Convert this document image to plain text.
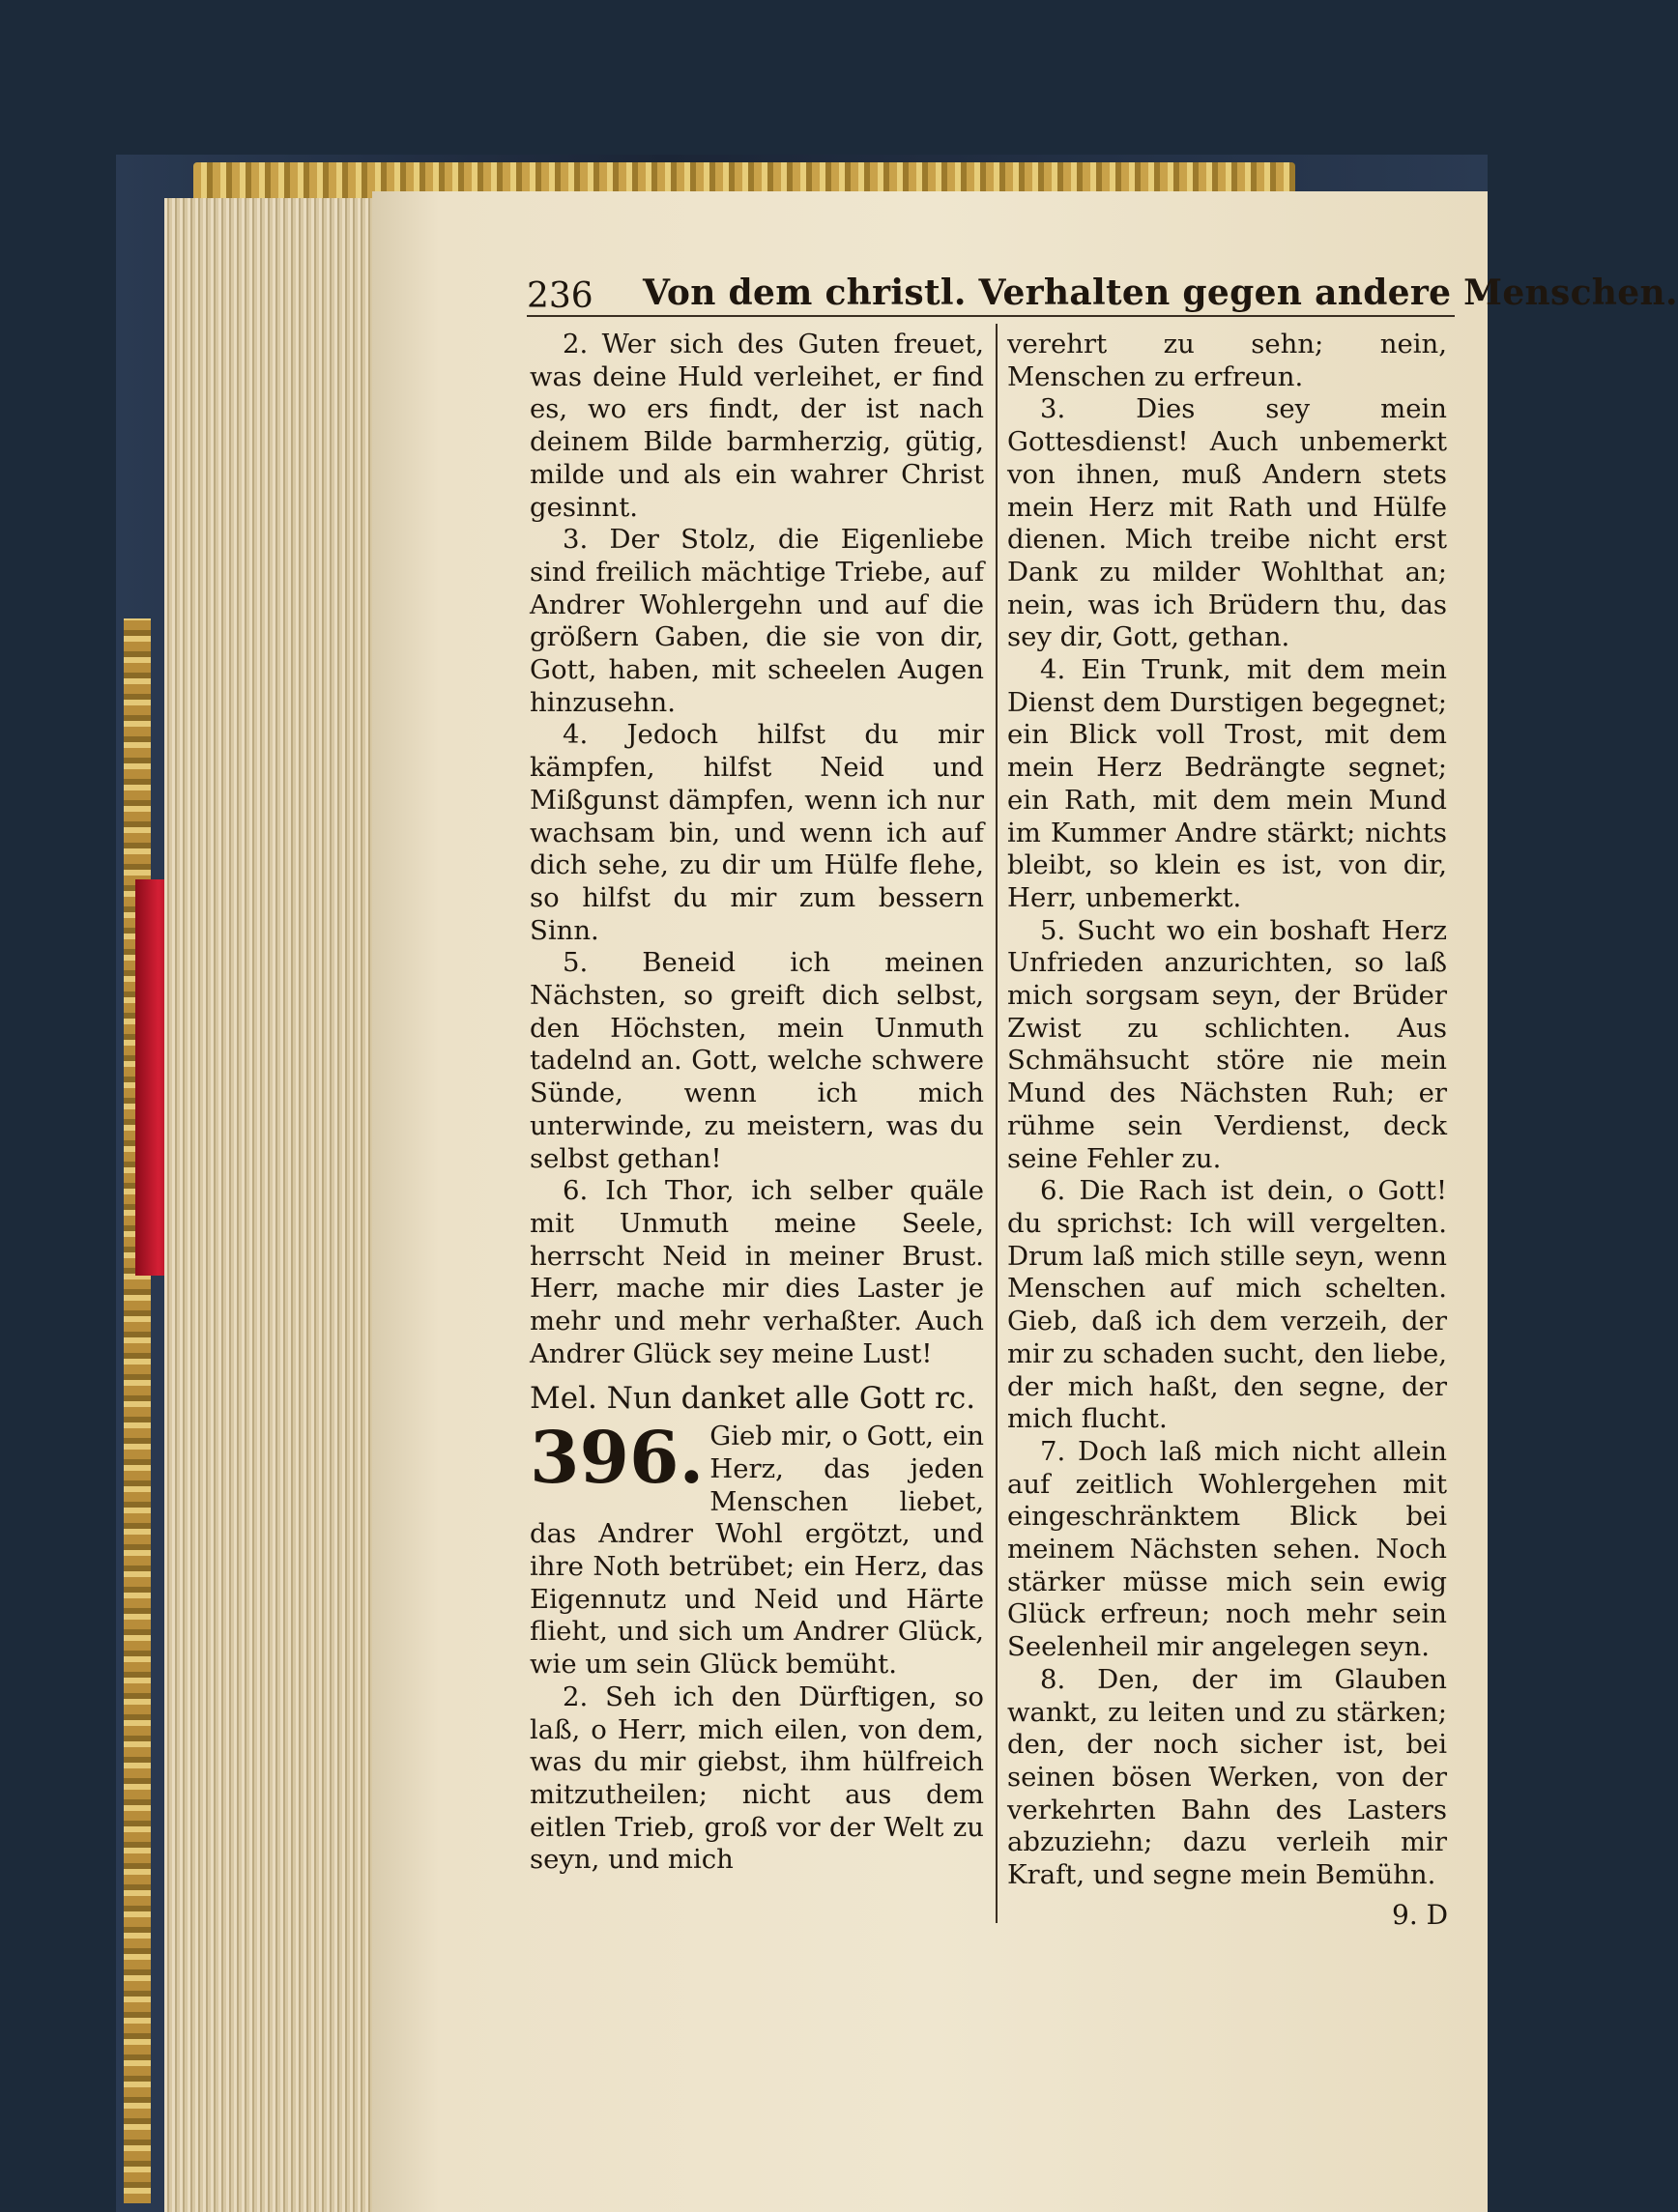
236 Von dem christl. Verhalten gegen andere Menschen.

2. Wer sich des Guten freuet, was deine Huld verleihet, er find es, wo ers findt, der ist nach deinem Bilde barmherzig, gütig, milde und als ein wahrer Christ gesinnt.

3. Der Stolz, die Eigenliebe sind freilich mächtige Triebe, auf Andrer Wohlergehn und auf die größern Gaben, die sie von dir, Gott, haben, mit scheelen Augen hinzusehn.

4. Jedoch hilfst du mir kämpfen, hilfst Neid und Mißgunst dämpfen, wenn ich nur wachsam bin, und wenn ich auf dich sehe, zu dir um Hülfe flehe, so hilfst du mir zum bessern Sinn.

5. Beneid ich meinen Nächsten, so greift dich selbst, den Höchsten, mein Unmuth tadelnd an. Gott, welche schwere Sünde, wenn ich mich unterwinde, zu meistern, was du selbst gethan!

6. Ich Thor, ich selber quäle mit Unmuth meine Seele, herrscht Neid in meiner Brust. Herr, mache mir dies Laster je mehr und mehr verhaßter. Auch Andrer Glück sey meine Lust!

Mel. Nun danket alle Gott rc.

396. Gieb mir, o Gott, ein Herz, das jeden Menschen liebet, das Andrer Wohl ergötzt, und ihre Noth betrübet; ein Herz, das Eigennutz und Neid und Härte flieht, und sich um Andrer Glück, wie um sein Glück bemüht.

2. Seh ich den Dürftigen, so laß, o Herr, mich eilen, von dem, was du mir giebst, ihm hülfreich mitzutheilen; nicht aus dem eitlen Trieb, groß vor der Welt zu seyn, und mich

verehrt zu sehn; nein, Menschen zu erfreun.

3. Dies sey mein Gottesdienst! Auch unbemerkt von ihnen, muß Andern stets mein Herz mit Rath und Hülfe dienen. Mich treibe nicht erst Dank zu milder Wohlthat an; nein, was ich Brüdern thu, das sey dir, Gott, gethan.

4. Ein Trunk, mit dem mein Dienst dem Durstigen begegnet; ein Blick voll Trost, mit dem mein Herz Bedrängte segnet; ein Rath, mit dem mein Mund im Kummer Andre stärkt; nichts bleibt, so klein es ist, von dir, Herr, unbemerkt.

5. Sucht wo ein boshaft Herz Unfrieden anzurichten, so laß mich sorgsam seyn, der Brüder Zwist zu schlichten. Aus Schmähsucht störe nie mein Mund des Nächsten Ruh; er rühme sein Verdienst, deck seine Fehler zu.

6. Die Rach ist dein, o Gott! du sprichst: Ich will vergelten. Drum laß mich stille seyn, wenn Menschen auf mich schelten. Gieb, daß ich dem verzeih, der mir zu schaden sucht, den liebe, der mich haßt, den segne, der mich flucht.

7. Doch laß mich nicht allein auf zeitlich Wohlergehen mit eingeschränktem Blick bei meinem Nächsten sehen. Noch stärker müsse mich sein ewig Glück erfreun; noch mehr sein Seelenheil mir angelegen seyn.

8. Den, der im Glauben wankt, zu leiten und zu stärken; den, der noch sicher ist, bei seinen bösen Werken, von der verkehrten Bahn des Lasters abzuziehn; dazu verleih mir Kraft, und segne mein Bemühn.

9. D
